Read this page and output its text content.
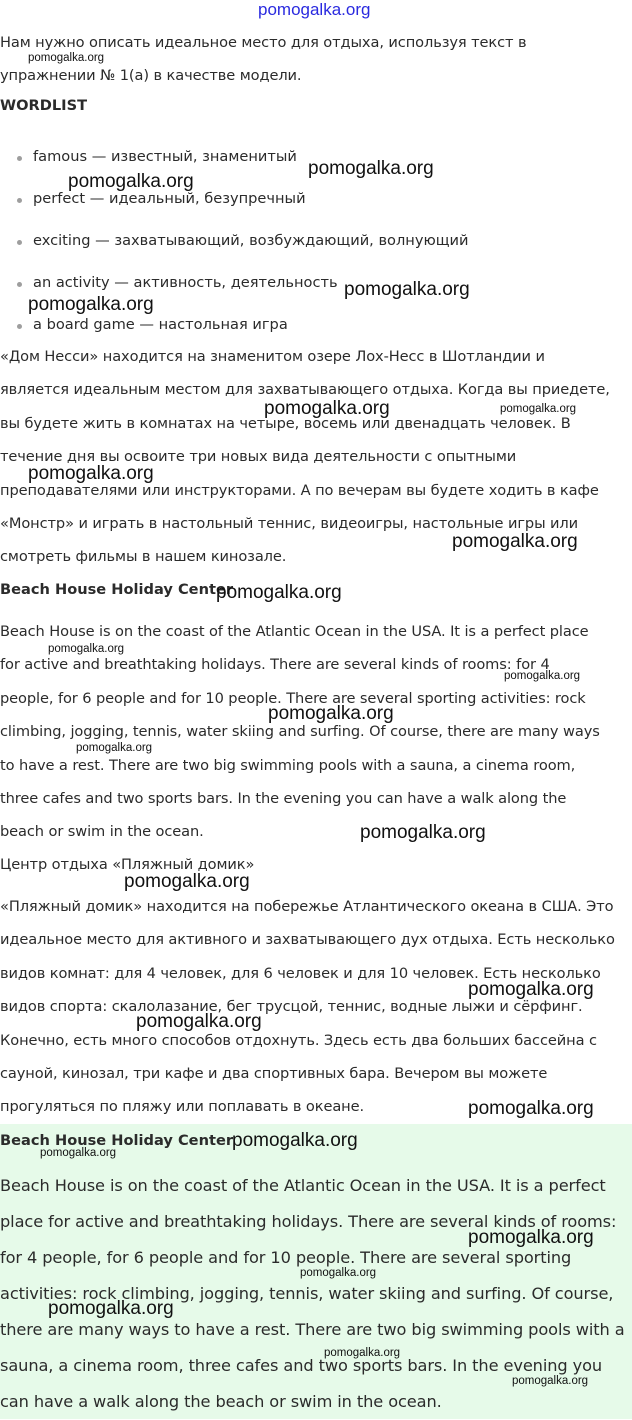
pomogalka.org
Нам нужно описать идеальное место для отдыха, используя текст в
упражнении № 1(а) в качестве модели.
WORDLIST
famous — известный, знаменитый
perfect — идеальный, безупречный
exciting — захватывающий, возбуждающий, волнующий
an activity — активность, деятельность
a board game — настольная игра
«Дом Несси» находится на знаменитом озере Лох-Несс в Шотландии и
является идеальным местом для захватывающего отдыха. Когда вы приедете,
вы будете жить в комнатах на четыре, восемь или двенадцать человек. В
течение дня вы освоите три новых вида деятельности с опытными
преподавателями или инструкторами. А по вечерам вы будете ходить в кафе
«Монстр» и играть в настольный теннис, видеоигры, настольные игры или
смотреть фильмы в нашем кинозале.
Beach House Holiday Center
Beach House is on the coast of the Atlantic Ocean in the USA. It is a perfect place
for active and breathtaking holidays. There are several kinds of rooms: for 4
people, for 6 people and for 10 people. There are several sporting activities: rock
climbing, jogging, tennis, water skiing and surfing. Of course, there are many ways
to have a rest. There are two big swimming pools with a sauna, a cinema room,
three cafes and two sports bars. In the evening you can have a walk along the
beach or swim in the ocean.
Центр отдыха «Пляжный домик»
«Пляжный домик» находится на побережье Атлантического океана в США. Это
идеальное место для активного и захватывающего дух отдыха. Есть несколько
видов комнат: для 4 человек, для 6 человек и для 10 человек. Есть несколько
видов спорта: скалолазание, бег трусцой, теннис, водные лыжи и сёрфинг.
Конечно, есть много способов отдохнуть. Здесь есть два больших бассейна с
сауной, кинозал, три кафе и два спортивных бара. Вечером вы можете
прогуляться по пляжу или поплавать в океане.
Beach House Holiday Center
Beach House is on the coast of the Atlantic Ocean in the USA. It is a perfect
place for active and breathtaking holidays. There are several kinds of rooms:
for 4 people, for 6 people and for 10 people. There are several sporting
activities: rock climbing, jogging, tennis, water skiing and surfing. Of course,
there are many ways to have a rest. There are two big swimming pools with a
sauna, a cinema room, three cafes and two sports bars. In the evening you
can have a walk along the beach or swim in the ocean.
pomogalka.org
pomogalka.org
pomogalka.org
pomogalka.org
pomogalka.org
pomogalka.org	pomogalka.org
pomogalka.org
pomogalka.org
pomogalka.org
pomogalka.org
pomogalka.org
pomogalka.org
pomogalka.org
pomogalka.org
pomogalka.org
pomogalka.org
pomogalka.org
pomogalka.org
pomogalka.org
pomogalka.org
pomogalka.org
pomogalka.org
pomogalka.org
pomogalka.org
pomogalka.org
